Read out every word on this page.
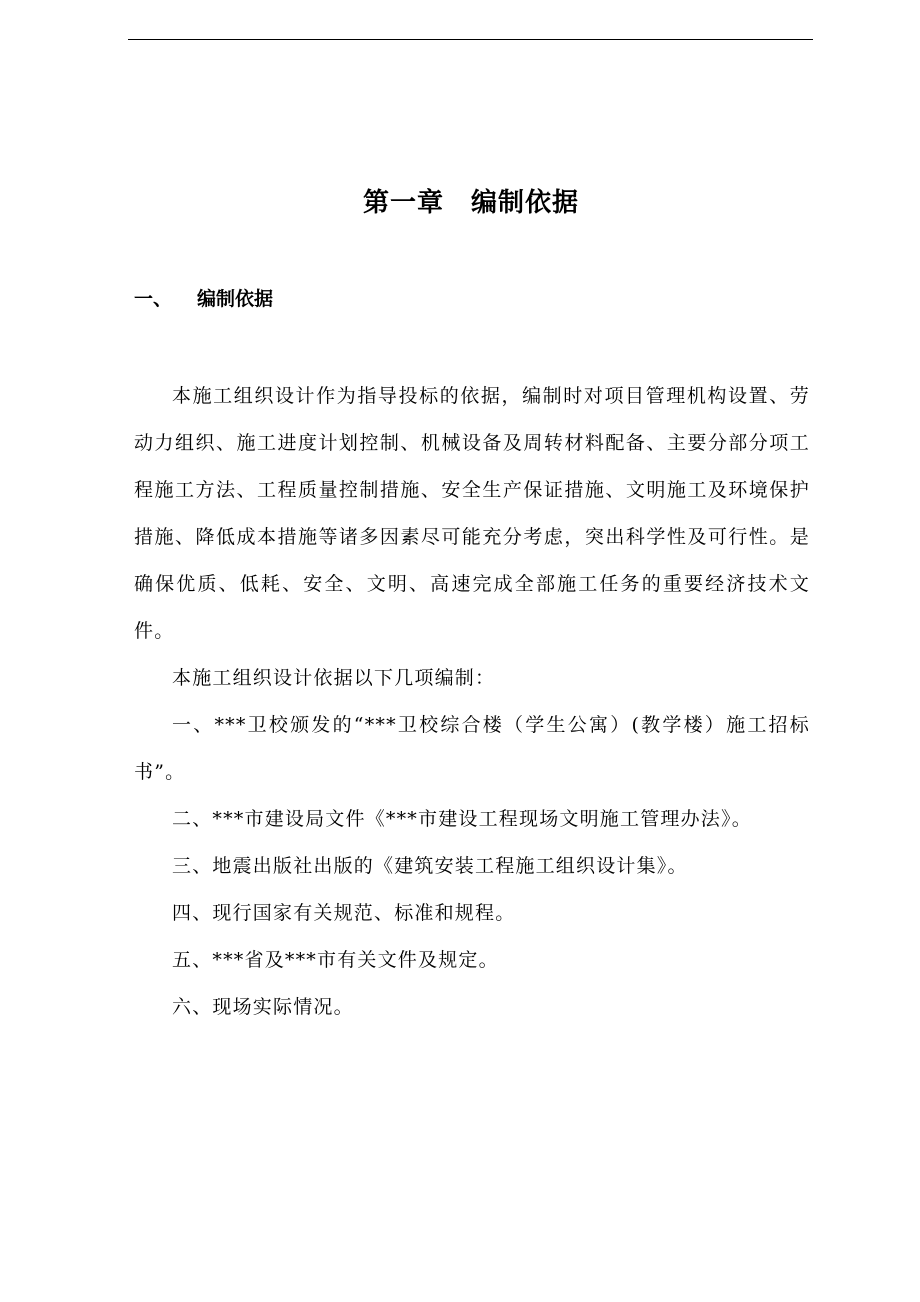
第一章　编制依据
一、 编制依据

本施工组织设计作为指导投标的依据，编制时对项目管理机构设置、劳动力组织、施工进度计划控制、机械设备及周转材料配备、主要分部分项工程施工方法、工程质量控制措施、安全生产保证措施、文明施工及环境保护措施、降低成本措施等诸多因素尽可能充分考虑，突出科学性及可行性。是确保优质、低耗、安全、文明、高速完成全部施工任务的重要经济技术文件。

本施工组织设计依据以下几项编制：

一、***卫校颁发的“***卫校综合楼（学生公寓）(教学楼）施工招标书”。

二、***市建设局文件《***市建设工程现场文明施工管理办法》。

三、地震出版社出版的《建筑安装工程施工组织设计集》。

四、现行国家有关规范、标准和规程。

五、***省及***市有关文件及规定。

六、现场实际情况。
